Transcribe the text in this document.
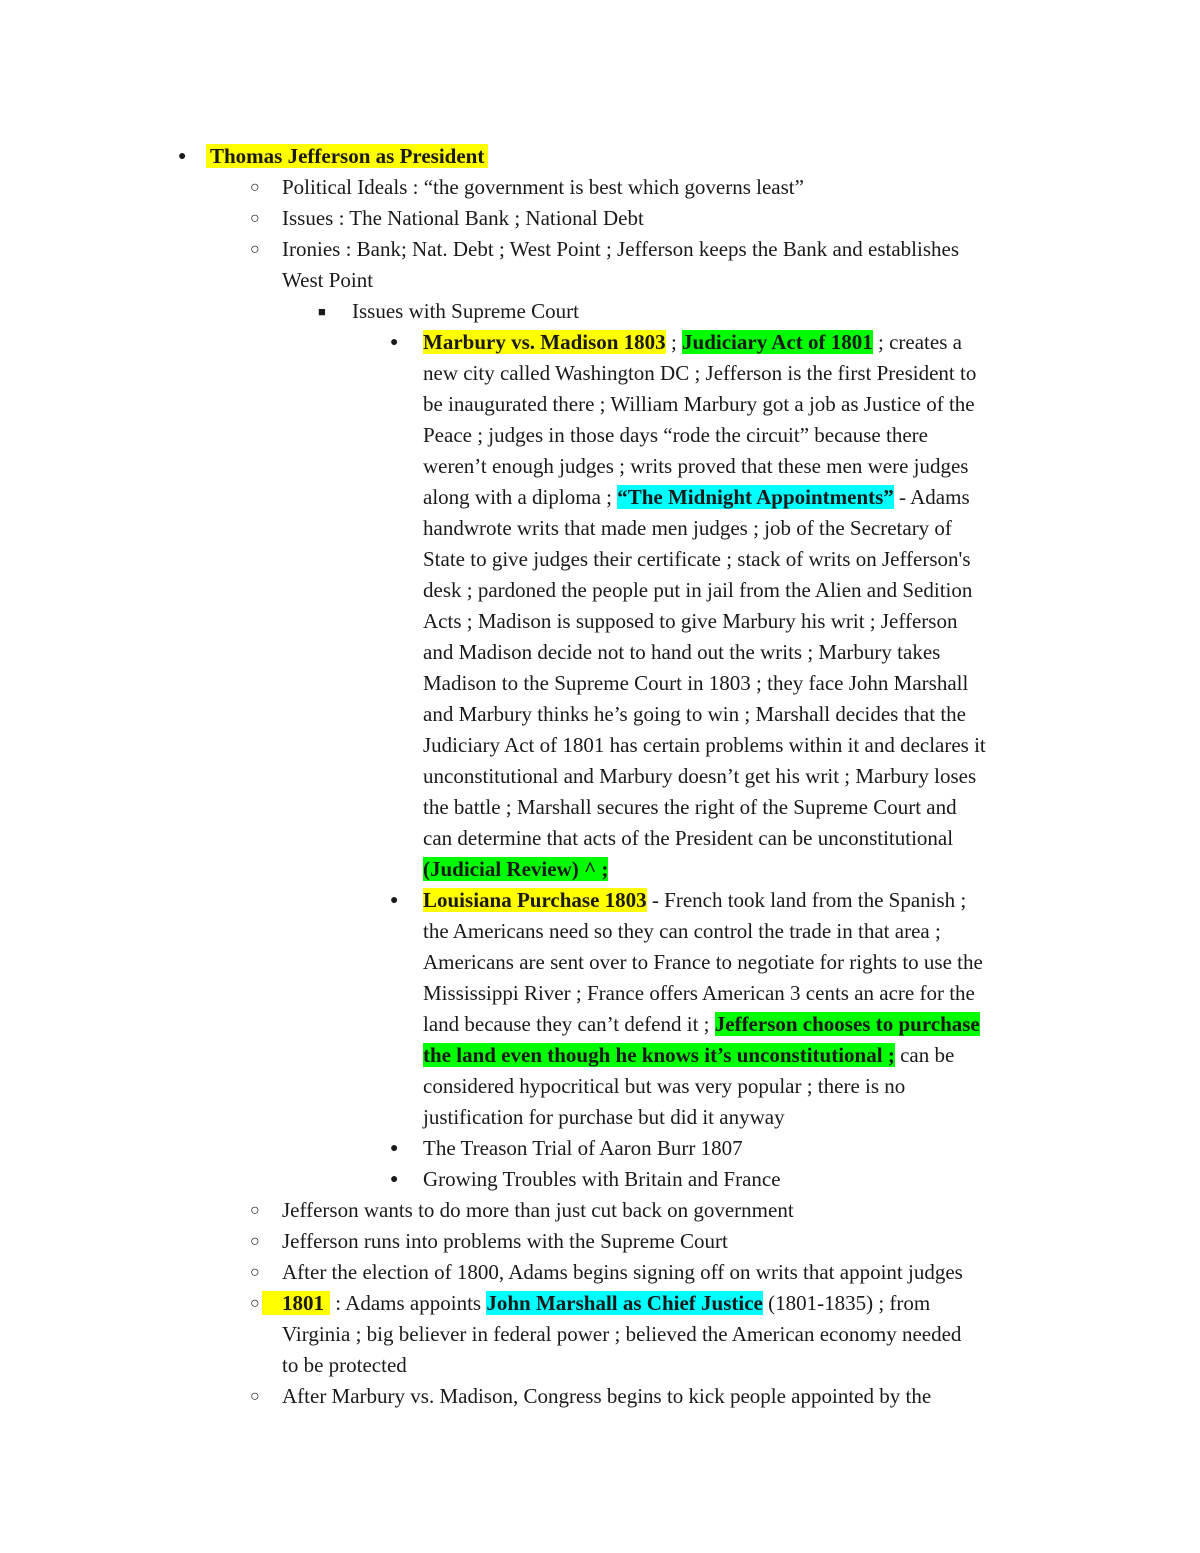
● Thomas Jefferson as President
○ Political Ideals : “the government is best which governs least”
○ Issues : The National Bank ; National Debt
○ Ironies : Bank; Nat. Debt ; West Point ; Jefferson keeps the Bank and establishes
West Point
■ Issues with Supreme Court
● Marbury vs. Madison 1803 ; Judiciary Act of 1801 ; creates a
new city called Washington DC ; Jefferson is the first President to
be inaugurated there ; William Marbury got a job as Justice of the
Peace ; judges in those days “rode the circuit” because there
weren’t enough judges ; writs proved that these men were judges
along with a diploma ; “The Midnight Appointments” - Adams
handwrote writs that made men judges ; job of the Secretary of
State to give judges their certificate ; stack of writs on Jefferson's
desk ; pardoned the people put in jail from the Alien and Sedition
Acts ; Madison is supposed to give Marbury his writ ; Jefferson
and Madison decide not to hand out the writs ; Marbury takes
Madison to the Supreme Court in 1803 ; they face John Marshall
and Marbury thinks he’s going to win ; Marshall decides that the
Judiciary Act of 1801 has certain problems within it and declares it
unconstitutional and Marbury doesn’t get his writ ; Marbury loses
the battle ; Marshall secures the right of the Supreme Court and
can determine that acts of the President can be unconstitutional
(Judicial Review) ^ ;
● Louisiana Purchase 1803 - French took land from the Spanish ;
the Americans need so they can control the trade in that area ;
Americans are sent over to France to negotiate for rights to use the
Mississippi River ; France offers American 3 cents an acre for the
land because they can’t defend it ; Jefferson chooses to purchase
the land even though he knows it’s unconstitutional ; can be
considered hypocritical but was very popular ; there is no
justification for purchase but did it anyway
● The Treason Trial of Aaron Burr 1807
● Growing Troubles with Britain and France
○ Jefferson wants to do more than just cut back on government
○ Jefferson runs into problems with the Supreme Court
○ After the election of 1800, Adams begins signing off on writs that appoint judges
○	1801 : Adams appoints John Marshall as Chief Justice (1801-1835) ; from
Virginia ; big believer in federal power ; believed the American economy needed
to be protected
○ After Marbury vs. Madison, Congress begins to kick people appointed by the
